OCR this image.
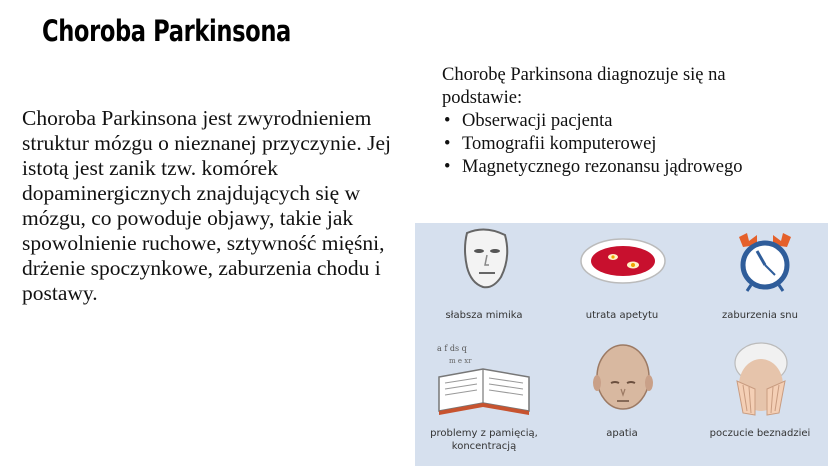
Choroba Parkinsona
Choroba Parkinsona jest zwyrodnieniem struktur mózgu o nieznanej przyczynie. Jej istotą jest zanik tzw. komórek dopaminergicznych znajdujących się w mózgu, co powoduje objawy, takie jak spowolnienie ruchowe, sztywność mięśni, drżenie spoczynkowe, zaburzenia chodu i postawy.
Chorobę Parkinsona diagnozuje się na podstawie:
• Obserwacji pacjenta
• Tomografii komputerowej
• Magnetycznego rezonansu jądrowego
słabsza mimika	utrata apetytu	zaburzenia snu
a f ds q
m e xr
problemy z pamięcią, koncentracją
apatia	poczucie beznadziei
